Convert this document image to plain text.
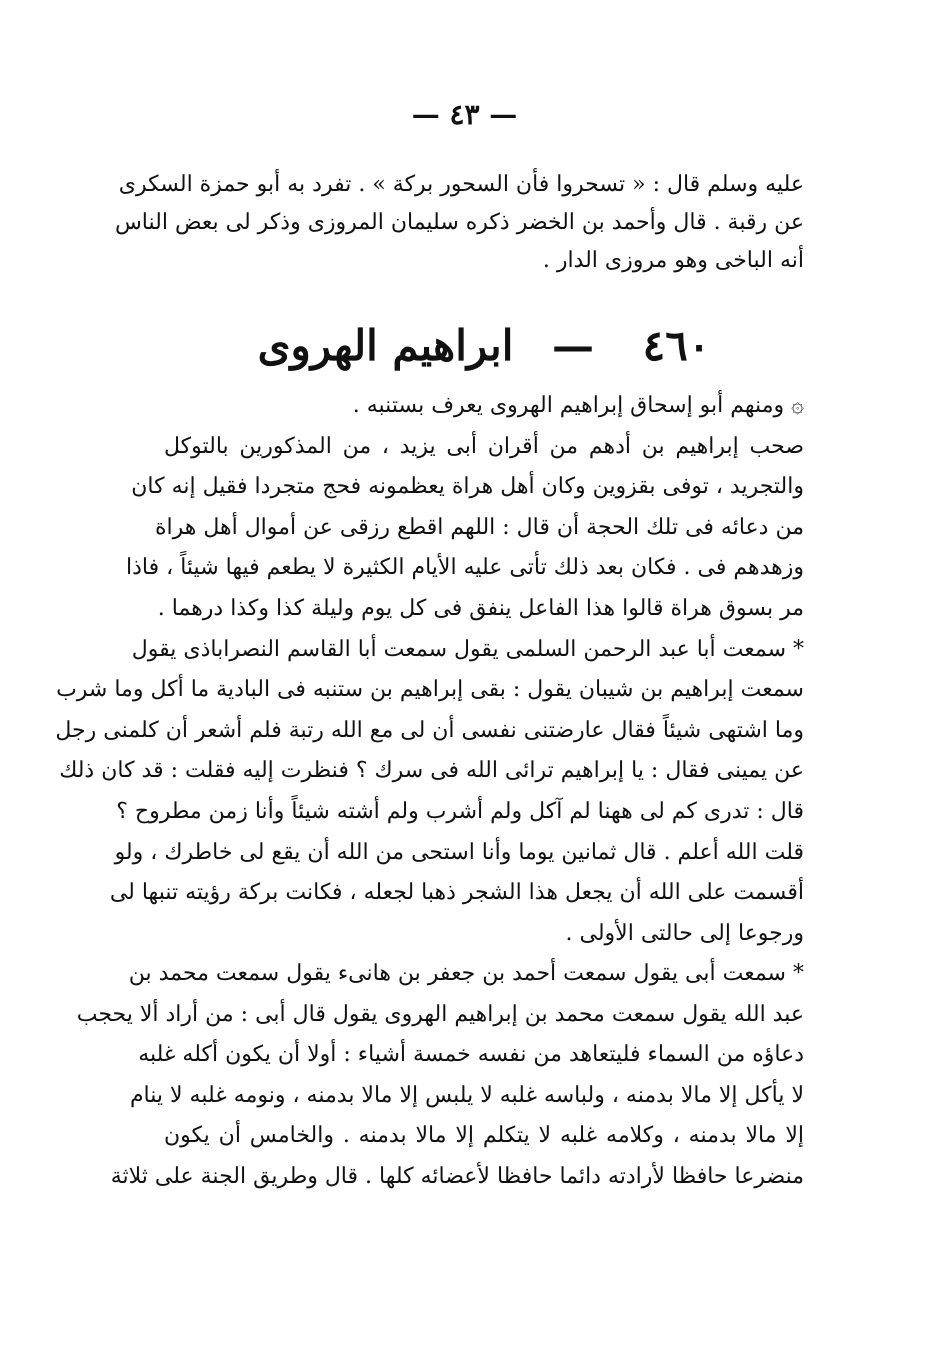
— ٤٣ —
عليه وسلم قال : « تسحروا فأن السحور بركة » . تفرد به أبو حمزة السكرى
عن رقبة . قال وأحمد بن الخضر ذكره سليمان المروزى وذكر لى بعض الناس
أنه الباخى وهو مروزى الدار .
٤٦٠ — ابراهيم الهروى
۞ ومنهم أبو إسحاق إبراهيم الهروى يعرف بستنبه .
صحب إبراهيم بن أدهم من أقران أبى يزيد ، من المذكورين بالتوكل
والتجريد ، توفى بقزوين وكان أهل هراة يعظمونه فحج متجردا فقيل إنه كان
من دعائه فى تلك الحجة أن قال : اللهم اقطع رزقى عن أموال أهل هراة
وزهدهم فى . فكان بعد ذلك تأتى عليه الأيام الكثيرة لا يطعم فيها شيئاً ، فاذا
مر بسوق هراة قالوا هذا الفاعل ينفق فى كل يوم وليلة كذا وكذا درهما .
* سمعت أبا عبد الرحمن السلمى يقول سمعت أبا القاسم النصراباذى يقول
سمعت إبراهيم بن شيبان يقول : بقى إبراهيم بن ستنبه فى البادية ما أكل وما شرب
وما اشتهى شيئاً فقال عارضتنى نفسى أن لى مع الله رتبة فلم أشعر أن كلمنى رجل
عن يمينى فقال : يا إبراهيم ترائى الله فى سرك ؟ فنظرت إليه فقلت : قد كان ذلك
قال : تدرى كم لى ههنا لم آكل ولم أشرب ولم أشته شيئاً وأنا زمن مطروح ؟
قلت الله أعلم . قال ثمانين يوما وأنا استحى من الله أن يقع لى خاطرك ، ولو
أقسمت على الله أن يجعل هذا الشجر ذهبا لجعله ، فكانت بركة رؤيته تنبها لى
ورجوعا إلى حالتى الأولى .
* سمعت أبى يقول سمعت أحمد بن جعفر بن هانىء يقول سمعت محمد بن
عبد الله يقول سمعت محمد بن إبراهيم الهروى يقول قال أبى : من أراد ألا يحجب
دعاؤه من السماء فليتعاهد من نفسه خمسة أشياء : أولا أن يكون أكله غلبه
لا يأكل إلا مالا بدمنه ، ولباسه غلبه لا يلبس إلا مالا بدمنه ، ونومه غلبه لا ينام
إلا مالا بدمنه ، وكلامه غلبه لا يتكلم إلا مالا بدمنه . والخامس أن يكون
منضرعا حافظا لأرادته دائما حافظا لأعضائه كلها . قال وطريق الجنة على ثلاثة
